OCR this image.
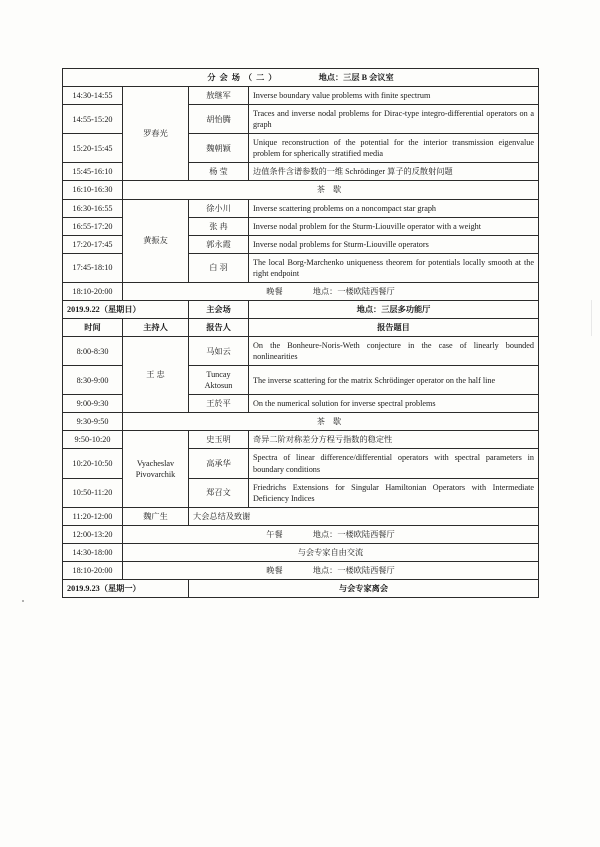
分会场（二） 地点：三层 B 会议室			
14:30-14:55	罗春光	敖继军	Inverse boundary value problems with finite spectrum
14:55-15:20		胡怡腾	Traces and inverse nodal problems for Dirac-type integro-differential operators on a graph
15:20-15:45		魏朝颖	Unique reconstruction of the potential for the interior transmission eigenvalue problem for spherically stratified media
15:45-16:10		杨 莹	边值条件含谱参数的一维 Schrödinger 算子的反散射问题
16:10-16:30	茶 歇		
16:30-16:55	黄振友	徐小川	Inverse scattering problems on a noncompact star graph
16:55-17:20		张 冉	Inverse nodal problem for the Sturm-Liouville operator with a weight
17:20-17:45		郭永霞	Inverse nodal problems for Sturm-Liouville operators
17:45-18:10		白 羽	The local Borg-Marchenko uniqueness theorem for potentials locally smooth at the right endpoint
18:10-20:00	晚餐 地点：一楼欧陆西餐厅		
2019.9.22（星期日）		主会场	地点：三层多功能厅
时间	主持人	报告人	报告题目
8:00-8:30	王 忠	马如云	On the Bonheure-Noris-Weth conjecture in the case of linearly bounded nonlinearities
8:30-9:00		Tuncay Aktosun	The inverse scattering for the matrix Schrödinger operator on the half line
9:00-9:30		王於平	On the numerical solution for inverse spectral problems
9:30-9:50	茶 歇		
9:50-10:20	Vyacheslav Pivovarchik	史玉明	奇异二阶对称差分方程亏指数的稳定性
10:20-10:50		高承华	Spectra of linear difference/differential operators with spectral parameters in boundary conditions
10:50-11:20		郑召文	Friedrichs Extensions for Singular Hamiltonian Operators with Intermediate Deficiency Indices
11:20-12:00	魏广生	大会总结及致谢	
12:00-13:20	午餐 地点：一楼欧陆西餐厅		
14:30-18:00	与会专家自由交流		
18:10-20:00	晚餐 地点：一楼欧陆西餐厅		
2019.9.23（星期一）		与会专家离会	
